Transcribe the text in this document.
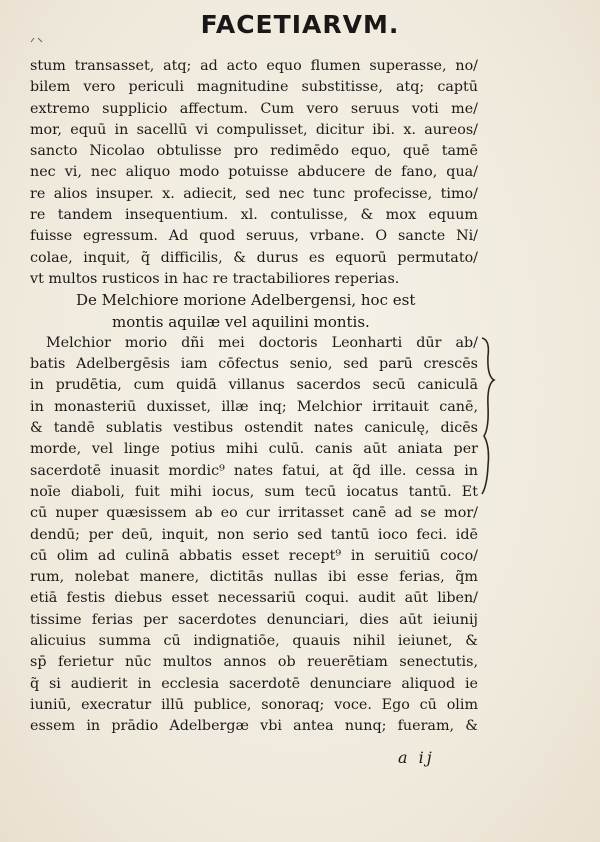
FACETIARVM.
stum transasset, atq; ad acto equo flumen superasse, no/
bilem vero periculi magnitudine substitisse, atq; captū
extremo supplicio affectum. Cum vero seruus voti me/
mor, equū in sacellū vi compulisset, dicitur ibi. x. aureos/
sancto Nicolao obtulisse pro redimēdo equo, quē tamē
nec vi, nec aliquo modo potuisse abducere de fano, qua/
re alios insuper. x. adiecit, sed nec tunc profecisse, timo/
re tandem insequentium. xl. contulisse, & mox equum
fuisse egressum. Ad quod seruus, vrbane. O sancte Ni/
colae, inquit, q̃ difficilis, & durus es equorū permutato/
vt multos rusticos in hac re tractabiliores reperias.
De Melchiore morione Adelbergensi, hoc est
montis aquilæ vel aquilini montis.
Melchior morio dñi mei doctoris Leonharti dūr ab/
batis Adelbergēsis iam cōfectus senio, sed parū crescēs
in prudētia, cum quidā villanus sacerdos secū caniculā
in monasteriū duxisset, illæ inq; Melchior irritauit canē,
& tandē sublatis vestibus ostendit nates caniculę, dicēs
morde, vel linge potius mihi culū. canis aūt aniata per
sacerdotē inuasit mordic⁹ nates fatui, at q̃d ille. cessa in
noīe diaboli, fuit mihi iocus, sum tecū iocatus tantū. Et
cū nuper quæsissem ab eo cur irritasset canē ad se mor/
dendū; per deū, inquit, non serio sed tantū ioco feci. idē
cū olim ad culinā abbatis esset recept⁹ in seruitiū coco/
rum, nolebat manere, dictitās nullas ibi esse ferias, q̃m
etiā festis diebus esset necessariū coqui. audit aūt liben/
tissime ferias per sacerdotes denunciari, dies aūt ieiunij
alicuius summa cū indignatiōe, quauis nihil ieiunet, &
sp̄ ferietur nūc multos annos ob reuerētiam senectutis,
q̃ si audierit in ecclesia sacerdotē denunciare aliquod ie
iuniū, execratur illū publice, sonoraq; voce. Ego cū olim
essem in prādio Adelbergæ vbi antea nunq; fueram, &
a ij
